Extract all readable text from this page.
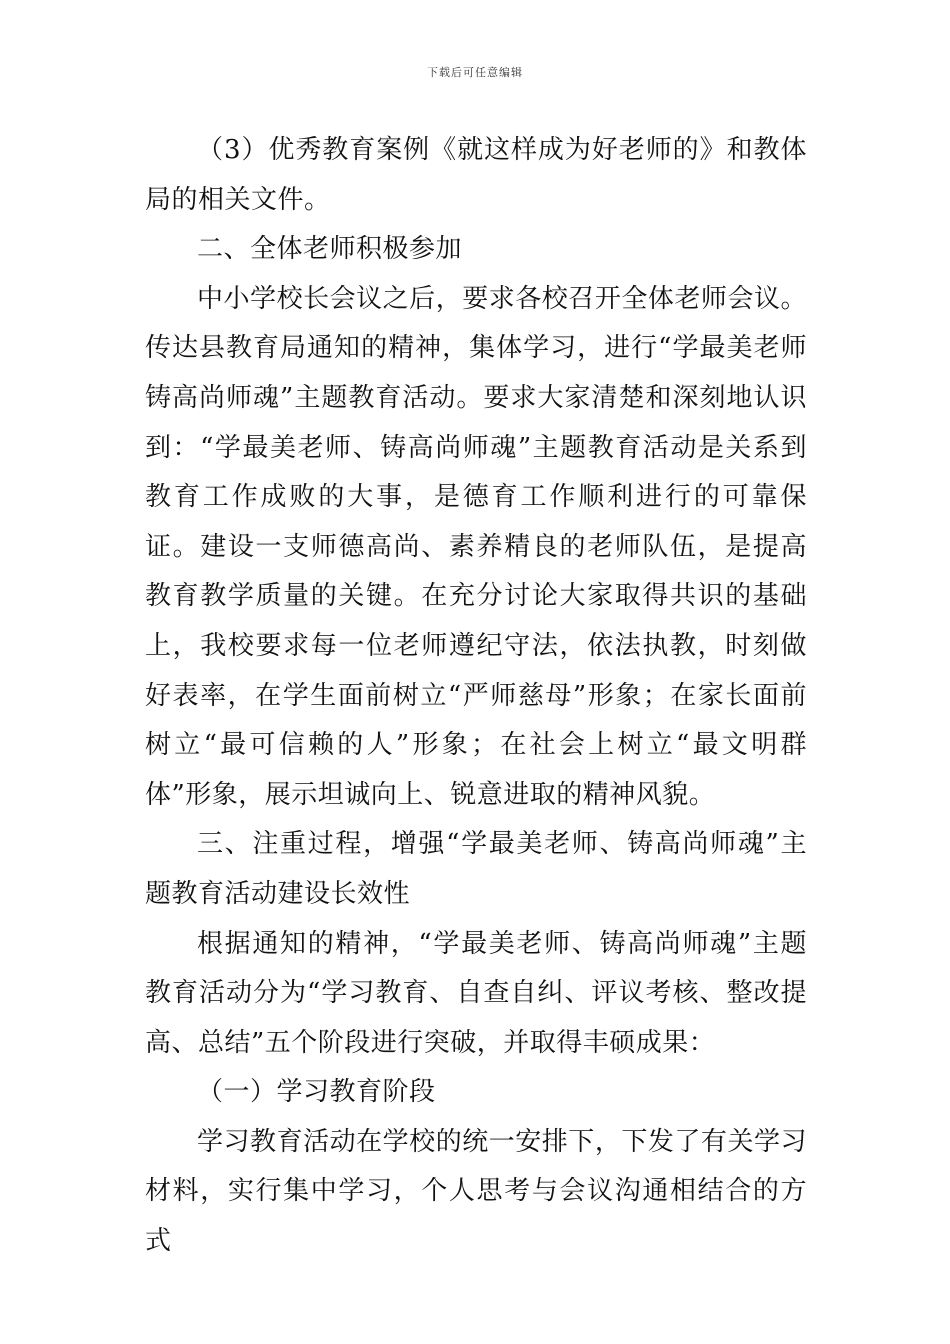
下载后可任意编辑

（3）优秀教育案例《就这样成为好老师的》和教体局的相关文件。

二、全体老师积极参加

中小学校长会议之后，要求各校召开全体老师会议。传达县教育局通知的精神，集体学习，进行“学最美老师铸高尚师魂”主题教育活动。要求大家清楚和深刻地认识到：“学最美老师、铸高尚师魂”主题教育活动是关系到教育工作成败的大事，是德育工作顺利进行的可靠保证。建设一支师德高尚、素养精良的老师队伍，是提高教育教学质量的关键。在充分讨论大家取得共识的基础上，我校要求每一位老师遵纪守法，依法执教，时刻做好表率，在学生面前树立“严师慈母”形象；在家长面前树立“最可信赖的人”形象；在社会上树立“最文明群体”形象，展示坦诚向上、锐意进取的精神风貌。

三、注重过程，增强“学最美老师、铸高尚师魂”主题教育活动建设长效性

根据通知的精神，“学最美老师、铸高尚师魂”主题教育活动分为“学习教育、自查自纠、评议考核、整改提高、总结”五个阶段进行突破，并取得丰硕成果：

（一）学习教育阶段

学习教育活动在学校的统一安排下，下发了有关学习材料，实行集中学习，个人思考与会议沟通相结合的方式
